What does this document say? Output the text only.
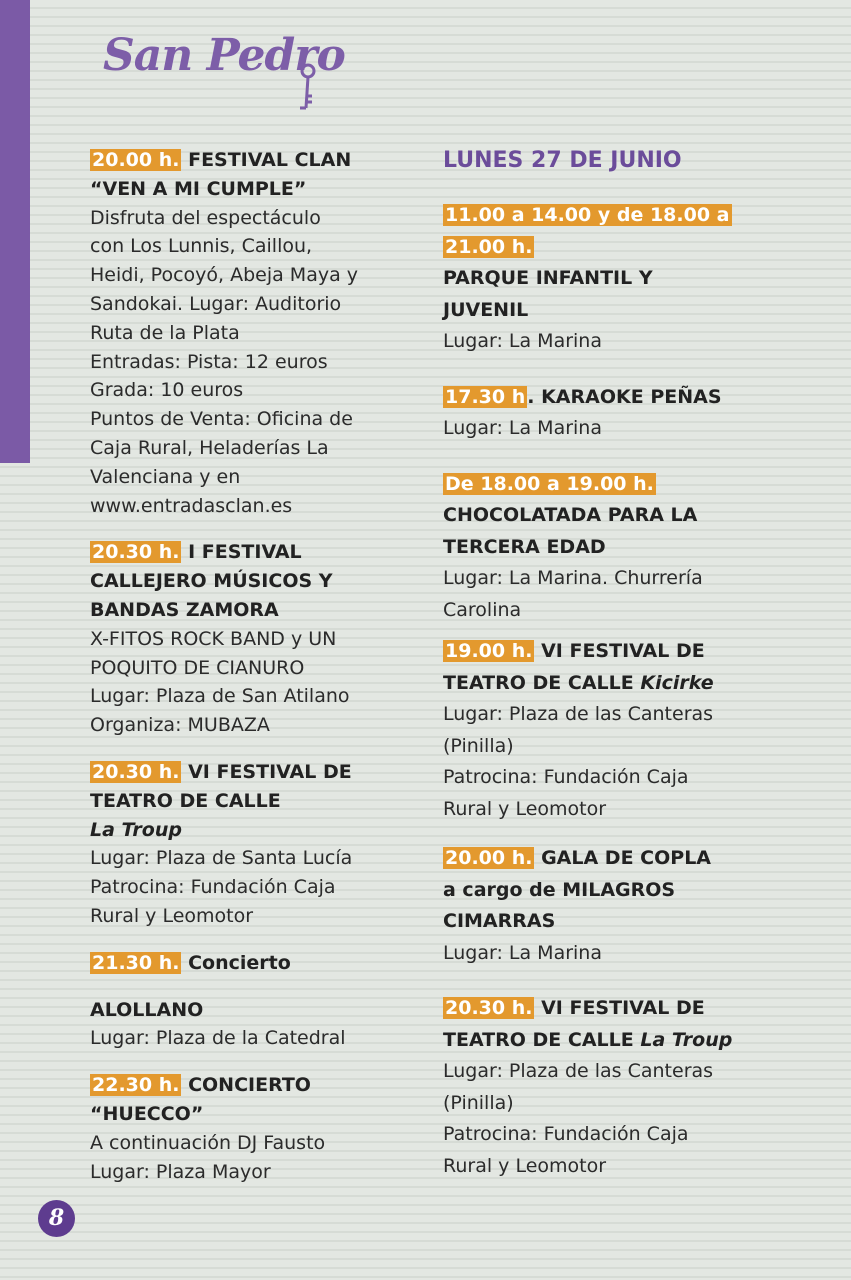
San Pedro

20.00 h. FESTIVAL CLAN

“VEN A MI CUMPLE”

Disfruta del espectáculo

con Los Lunnis, Caillou,

Heidi, Pocoyó, Abeja Maya y

Sandokai. Lugar: Auditorio

Ruta de la Plata

Entradas: Pista: 12 euros

Grada: 10 euros

Puntos de Venta: Oficina de

Caja Rural, Heladerías La

Valenciana y en

www.entradasclan.es

20.30 h. I FESTIVAL

CALLEJERO MÚSICOS Y

BANDAS ZAMORA

X-FITOS ROCK BAND y UN

POQUITO DE CIANURO

Lugar: Plaza de San Atilano

Organiza: MUBAZA

20.30 h. VI FESTIVAL DE

TEATRO DE CALLE

La Troup

Lugar: Plaza de Santa Lucía

Patrocina: Fundación Caja

Rural y Leomotor

21.30 h. Concierto

ALOLLANO

Lugar: Plaza de la Catedral

22.30 h. CONCIERTO

“HUECCO”

A continuación DJ Fausto

Lugar: Plaza Mayor

LUNES 27 DE JUNIO

11.00 a 14.00 y de 18.00 a

21.00 h.

PARQUE INFANTIL Y

JUVENIL

Lugar: La Marina

17.30 h . KARAOKE PEÑAS

Lugar: La Marina

De 18.00 a 19.00 h.

CHOCOLATADA PARA LA

TERCERA EDAD

Lugar: La Marina. Churrería

Carolina

19.00 h. VI FESTIVAL DE

TEATRO DE CALLE Kicirke

Lugar: Plaza de las Canteras

(Pinilla)

Patrocina: Fundación Caja

Rural y Leomotor

20.00 h. GALA DE COPLA

a cargo de MILAGROS

CIMARRAS

Lugar: La Marina

20.30 h. VI FESTIVAL DE

TEATRO DE CALLE La Troup

Lugar: Plaza de las Canteras

(Pinilla)

Patrocina: Fundación Caja

Rural y Leomotor

8
